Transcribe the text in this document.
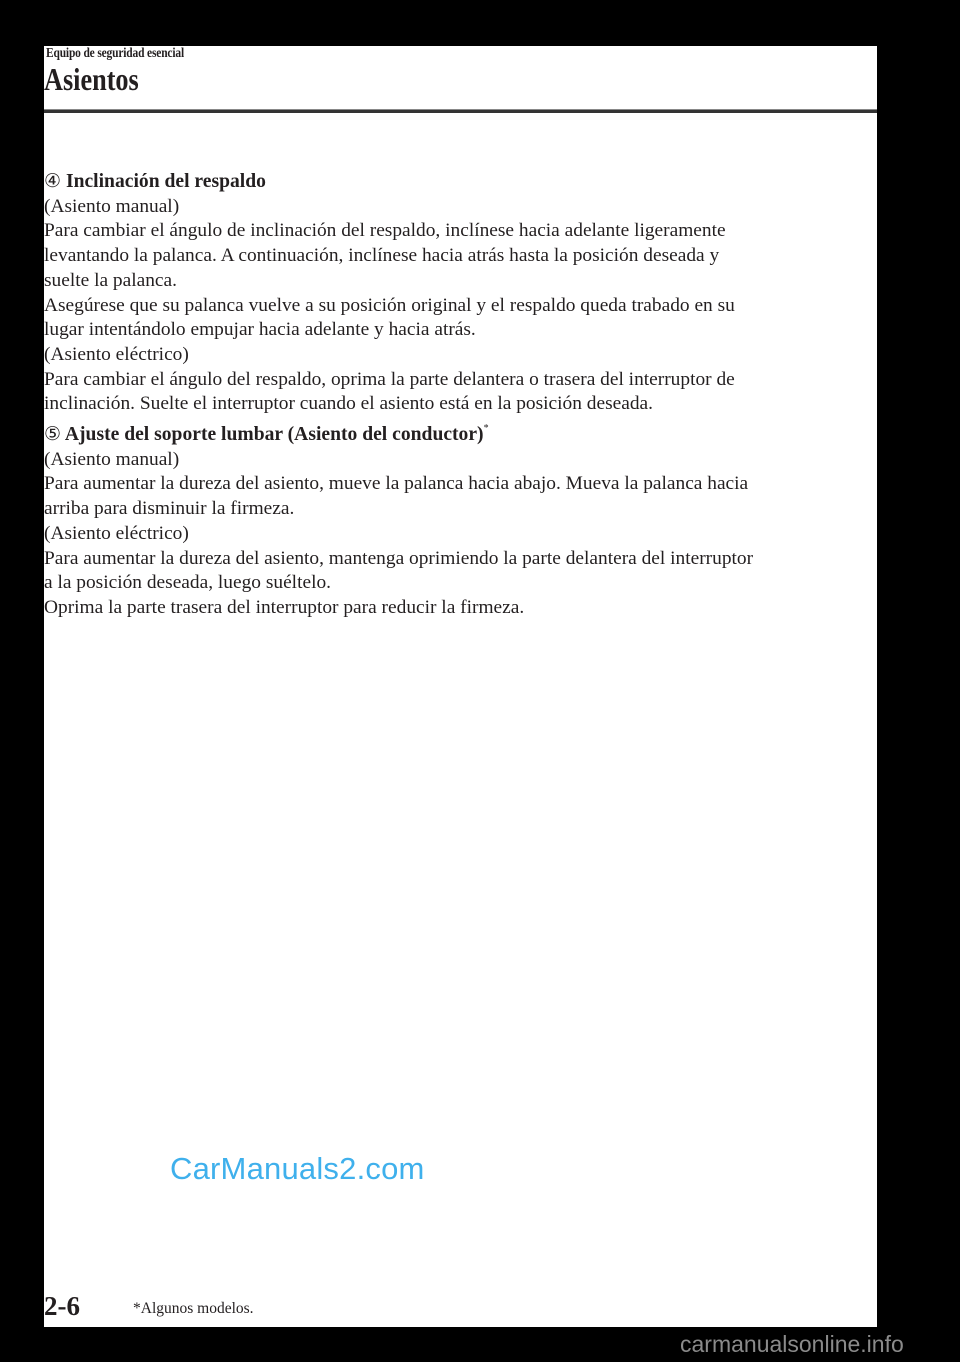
Equipo de seguridad esencial
Asientos

④ Inclinación del respaldo

(Asiento manual)

Para cambiar el ángulo de inclinación del respaldo, inclínese hacia adelante ligeramente

levantando la palanca. A continuación, inclínese hacia atrás hasta la posición deseada y

suelte la palanca.

Asegúrese que su palanca vuelve a su posición original y el respaldo queda trabado en su

lugar intentándolo empujar hacia adelante y hacia atrás.

(Asiento eléctrico)

Para cambiar el ángulo del respaldo, oprima la parte delantera o trasera del interruptor de

inclinación. Suelte el interruptor cuando el asiento está en la posición deseada.

⑤ Ajuste del soporte lumbar (Asiento del conductor)*

(Asiento manual)

Para aumentar la dureza del asiento, mueve la palanca hacia abajo. Mueva la palanca hacia

arriba para disminuir la firmeza.

(Asiento eléctrico)

Para aumentar la dureza del asiento, mantenga oprimiendo la parte delantera del interruptor

a la posición deseada, luego suéltelo.

Oprima la parte trasera del interruptor para reducir la firmeza.

CarManuals2.com
2-6	*Algunos modelos.
carmanualsonline.info
